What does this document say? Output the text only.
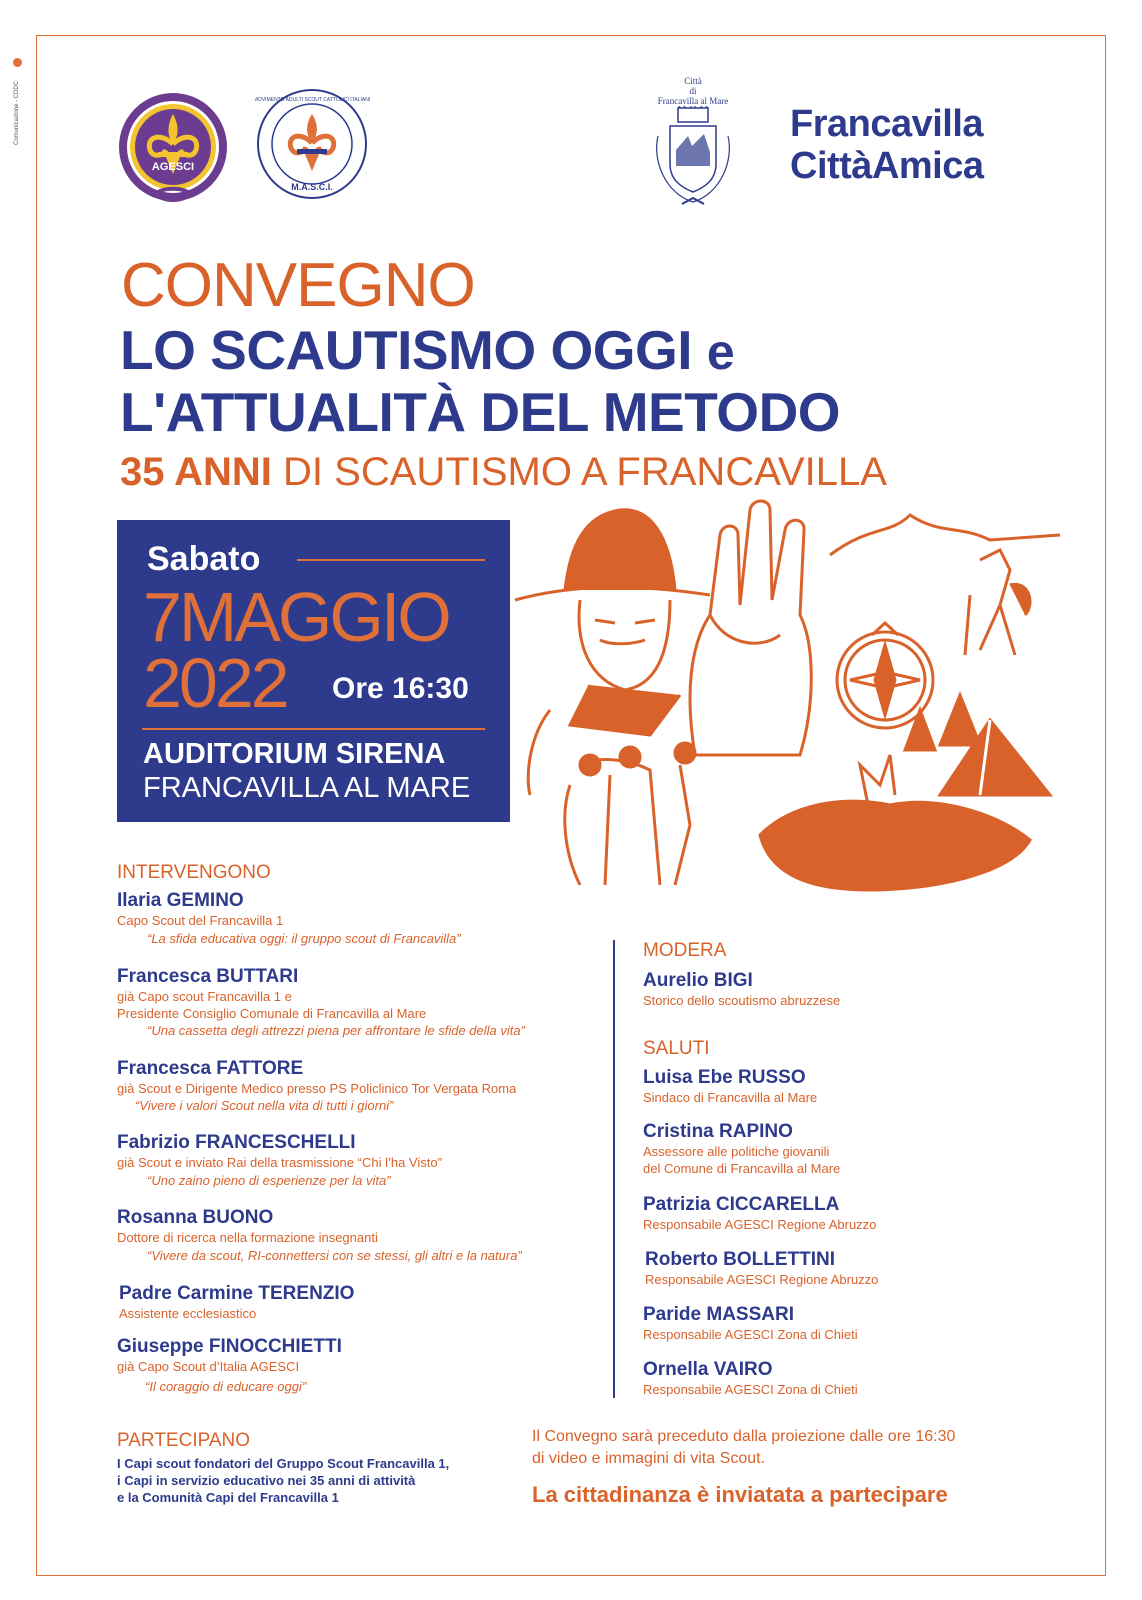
Comunicazione - CDDC
AGESCI
M.A.S.C.I.
MOVIMENTO ADULTI SCOUT CATTOLICI ITALIANI
Città
di
Francavilla al Mare
Francavilla
CittàAmica
CONVEGNO
LO SCAUTISMO OGGI e
L'ATTUALITÀ DEL METODO
35 ANNI DI SCAUTISMO A FRANCAVILLA
Sabato
7MAGGIO
2022 Ore 16:30
AUDITORIUM SIRENA
FRANCAVILLA AL MARE
INTERVENGONO
Ilaria GEMINO
Capo Scout del Francavilla 1
“La sfida educativa oggi: il gruppo scout di Francavilla”
Francesca BUTTARI
già Capo scout Francavilla 1 e
Presidente Consiglio Comunale di Francavilla al Mare
“Una cassetta degli attrezzi piena per affrontare le sfide della vita”
Francesca FATTORE
già Scout e Dirigente Medico presso PS Policlinico Tor Vergata Roma
“Vivere i valori Scout nella vita di tutti i giorni”
Fabrizio FRANCESCHELLI
già Scout e inviato Rai della trasmissione “Chi l’ha Visto”
“Uno zaino pieno di esperienze per la vita”
Rosanna BUONO
Dottore di ricerca nella formazione insegnanti
“Vivere da scout, RI-connettersi con se stessi, gli altri e la natura”
Padre Carmine TERENZIO
Assistente ecclesiastico
Giuseppe FINOCCHIETTI
già Capo Scout d’Italia AGESCI
“Il coraggio di educare oggi”
MODERA
Aurelio BIGI
Storico dello scoutismo abruzzese
SALUTI
Luisa Ebe RUSSO
Sindaco di Francavilla al Mare
Cristina RAPINO
Assessore alle politiche giovanili
del Comune di Francavilla al Mare
Patrizia CICCARELLA
Responsabile AGESCI Regione Abruzzo
Roberto BOLLETTINI
Responsabile AGESCI Regione Abruzzo
Paride MASSARI
Responsabile AGESCI Zona di Chieti
Ornella VAIRO
Responsabile AGESCI Zona di Chieti
PARTECIPANO
I Capi scout fondatori del Gruppo Scout Francavilla 1,
i Capi in servizio educativo nei 35 anni di attività
e la Comunità Capi del Francavilla 1
Il Convegno sarà preceduto dalla proiezione dalle ore 16:30
di video e immagini di vita Scout.
La cittadinanza è inviatata a partecipare
